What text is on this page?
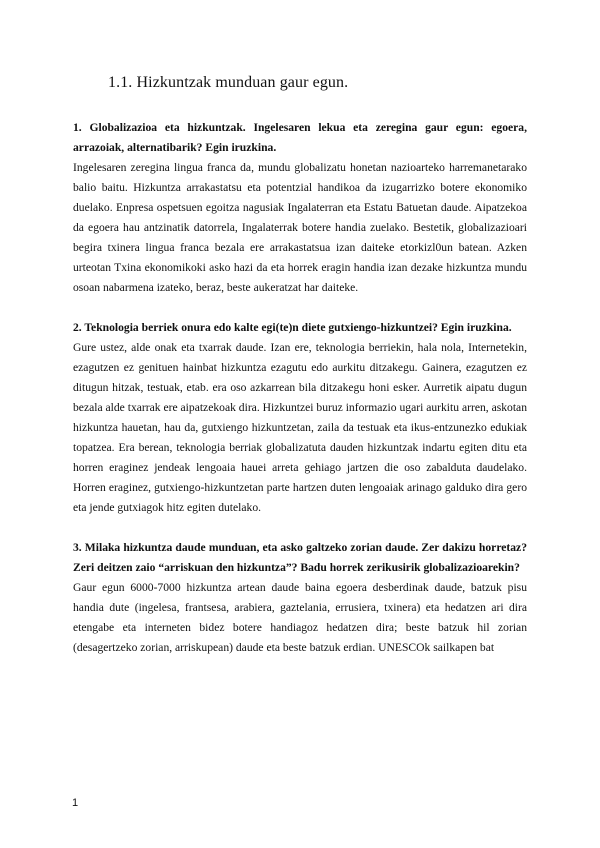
1.1. Hizkuntzak munduan gaur egun.

1. Globalizazioa eta hizkuntzak. Ingelesaren lekua eta zeregina gaur egun: egoera, arrazoiak, alternatibarik? Egin iruzkina.

Ingelesaren zeregina lingua franca da, mundu globalizatu honetan nazioarteko harremanetarako balio baitu. Hizkuntza arrakastatsu eta potentzial handikoa da izugarrizko botere ekonomiko duelako. Enpresa ospetsuen egoitza nagusiak Ingalaterran eta Estatu Batuetan daude. Aipatzekoa da egoera hau antzinatik datorrela, Ingalaterrak botere handia zuelako. Bestetik, globalizazioari begira txinera lingua franca bezala ere arrakastatsua izan daiteke etorkizl0un batean. Azken urteotan Txina ekonomikoki asko hazi da eta horrek eragin handia izan dezake hizkuntza mundu osoan nabarmena izateko, beraz, beste aukeratzat har daiteke.

2. Teknologia berriek onura edo kalte egi(te)n diete gutxiengo-hizkuntzei? Egin iruzkina.

Gure ustez, alde onak eta txarrak daude. Izan ere, teknologia berriekin, hala nola, Internetekin, ezagutzen ez genituen hainbat hizkuntza ezagutu edo aurkitu ditzakegu. Gainera, ezagutzen ez ditugun hitzak, testuak, etab. era oso azkarrean bila ditzakegu honi esker. Aurretik aipatu dugun bezala alde txarrak ere aipatzekoak dira. Hizkuntzei buruz informazio ugari aurkitu arren, askotan hizkuntza hauetan, hau da, gutxiengo hizkuntzetan, zaila da testuak eta ikus-entzunezko edukiak topatzea. Era berean, teknologia berriak globalizatuta dauden hizkuntzak indartu egiten ditu eta horren eraginez jendeak lengoaia hauei arreta gehiago jartzen die oso zabalduta daudelako. Horren eraginez, gutxiengo-hizkuntzetan parte hartzen duten lengoaiak arinago galduko dira gero eta jende gutxiagok hitz egiten dutelako.

3. Milaka hizkuntza daude munduan, eta asko galtzeko zorian daude. Zer dakizu horretaz? Zeri deitzen zaio “arriskuan den hizkuntza”? Badu horrek zerikusirik globalizazioarekin?

Gaur egun 6000-7000 hizkuntza artean daude baina egoera desberdinak daude, batzuk pisu handia dute (ingelesa, frantsesa, arabiera, gaztelania, errusiera, txinera) eta hedatzen ari dira etengabe eta interneten bidez botere handiagoz hedatzen dira; beste batzuk hil zorian (desagertzeko zorian, arriskupean) daude eta beste batzuk erdian. UNESCOk sailkapen bat

1
